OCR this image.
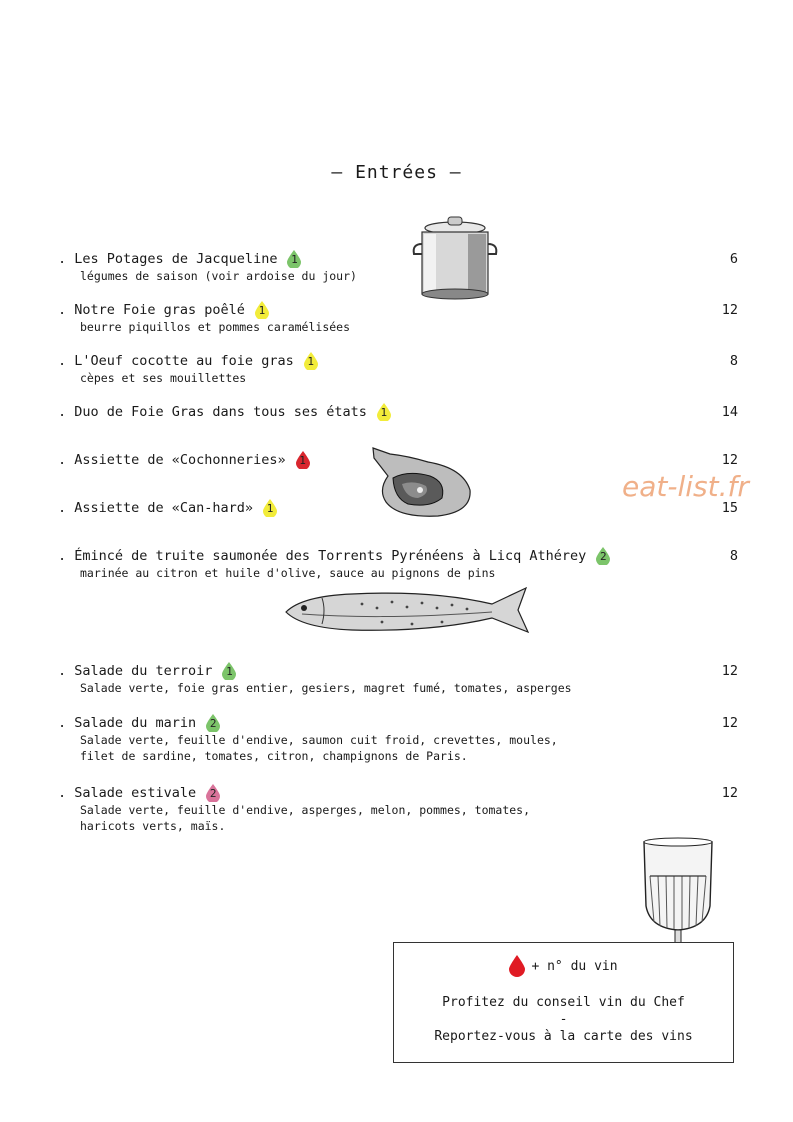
– Entrées –
. Les Potages de Jacqueline	1	6
légumes de saison (voir ardoise du jour)
. Notre Foie gras poêlé	1	12
beurre piquillos et pommes caramélisées
. L'Oeuf cocotte au foie gras	1	8
cèpes et ses mouillettes
. Duo de Foie Gras dans tous ses états	1	14
. Assiette de «Cochonneries»	1	12
. Assiette de «Can-hard»	1	15
. Émincé de truite saumonée des Torrents Pyrénéens à Licq Athérey	2	8
marinée au citron et huile d'olive, sauce au pignons de pins
. Salade du terroir	1	12
Salade verte, foie gras entier, gesiers, magret fumé, tomates, asperges
. Salade du marin	2	12
Salade verte, feuille d'endive, saumon cuit froid, crevettes, moules,
filet de sardine, tomates, citron, champignons de Paris.
. Salade estivale	2	12
Salade verte, feuille d'endive, asperges, melon, pommes, tomates,
haricots verts, maïs.
eat-list.fr
+ n° du vin
Profitez du conseil vin du Chef
-
Reportez-vous à la carte des vins
